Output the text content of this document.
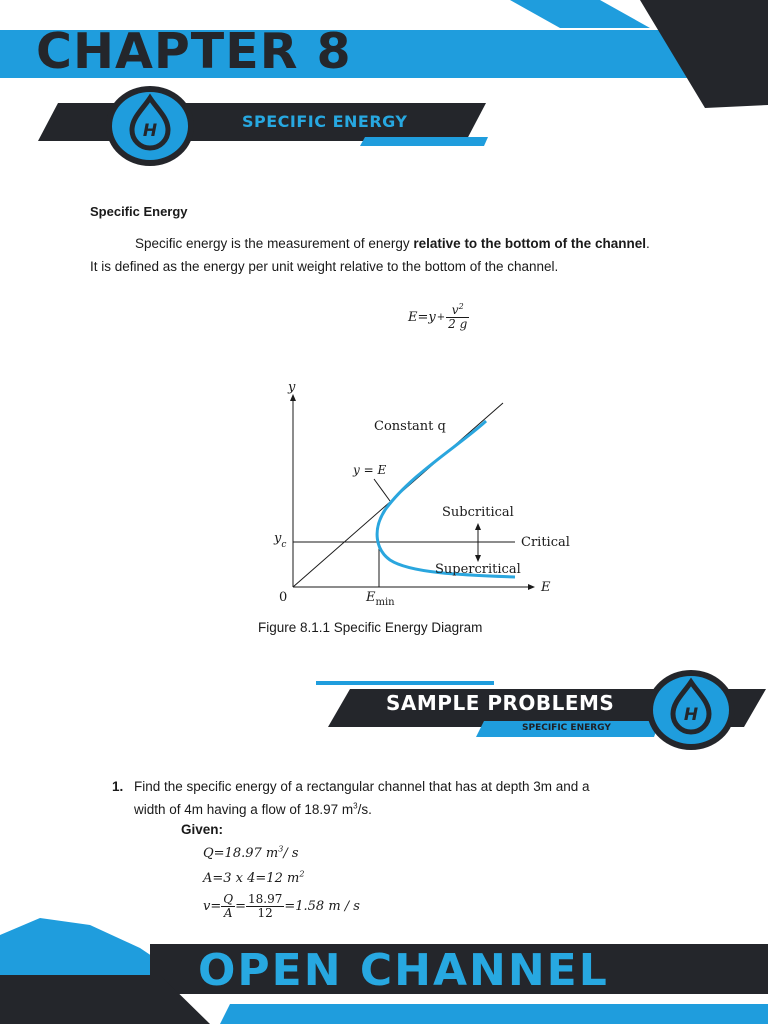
H
H
CHAPTER 8
SPECIFIC ENERGY
Specific Energy
Specific energy is the measurement of energy relative to the bottom of the channel. It is defined as the energy per unit weight relative to the bottom of the channel.
$E = y + \frac{v^2}{2 g}$
y
E
0
Constant q
y = E
Subcritical
Critical
Supercritical
$y_c$
$E_{min}$
Figure 8.1.1 Specific Energy Diagram
SAMPLE PROBLEMS
SPECIFIC ENERGY
1. Find the specific energy of a rectangular channel that has at depth 3m and a
width of 4m having a flow of 18.97 $m^3/s$.
Given:
Q=18.97 $m^3/$ s
A=3 x 4=12 $m^2$
$v= \frac{Q}{A} = \frac{18.97}{12} =1.58$ m / s
OPEN CHANNEL
